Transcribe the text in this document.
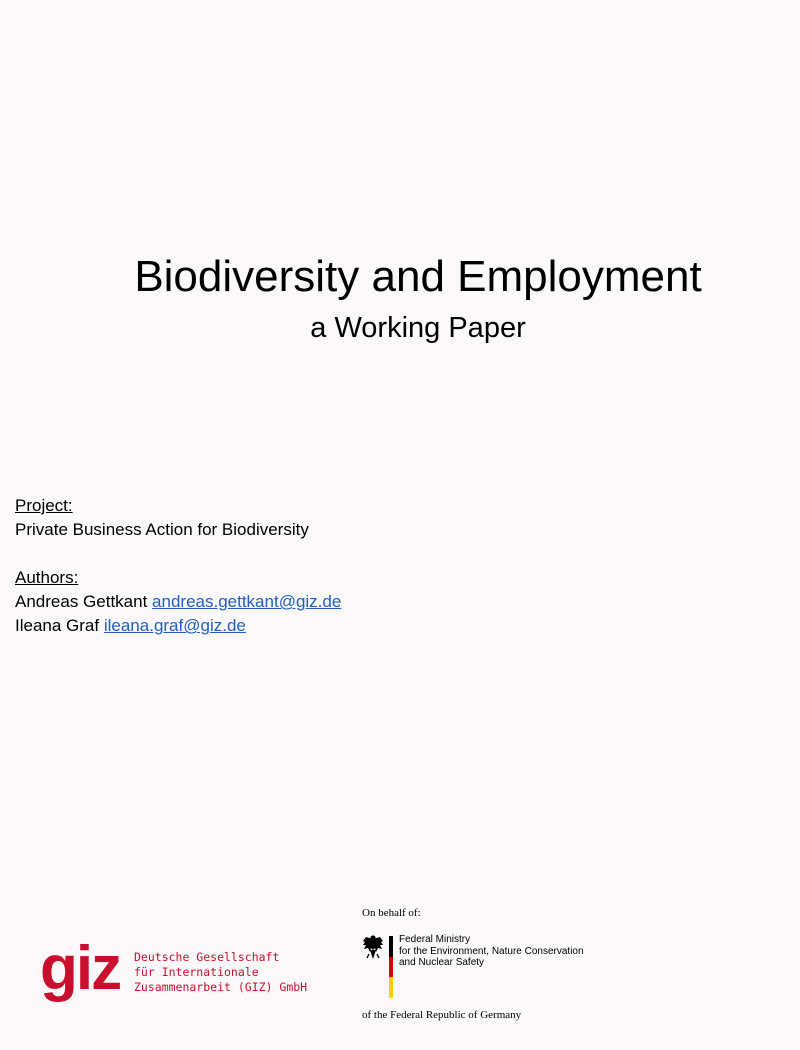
Biodiversity and Employment
a Working Paper
Project:
Private Business Action for Biodiversity
Authors:
Andreas Gettkant andreas.gettkant@giz.de
Ileana Graf ileana.graf@giz.de
giz Deutsche Gesellschaft
für Internationale
Zusammenarbeit (GIZ) GmbH
On behalf of:
Federal Ministry
for the Environment, Nature Conservation
and Nuclear Safety
of the Federal Republic of Germany
